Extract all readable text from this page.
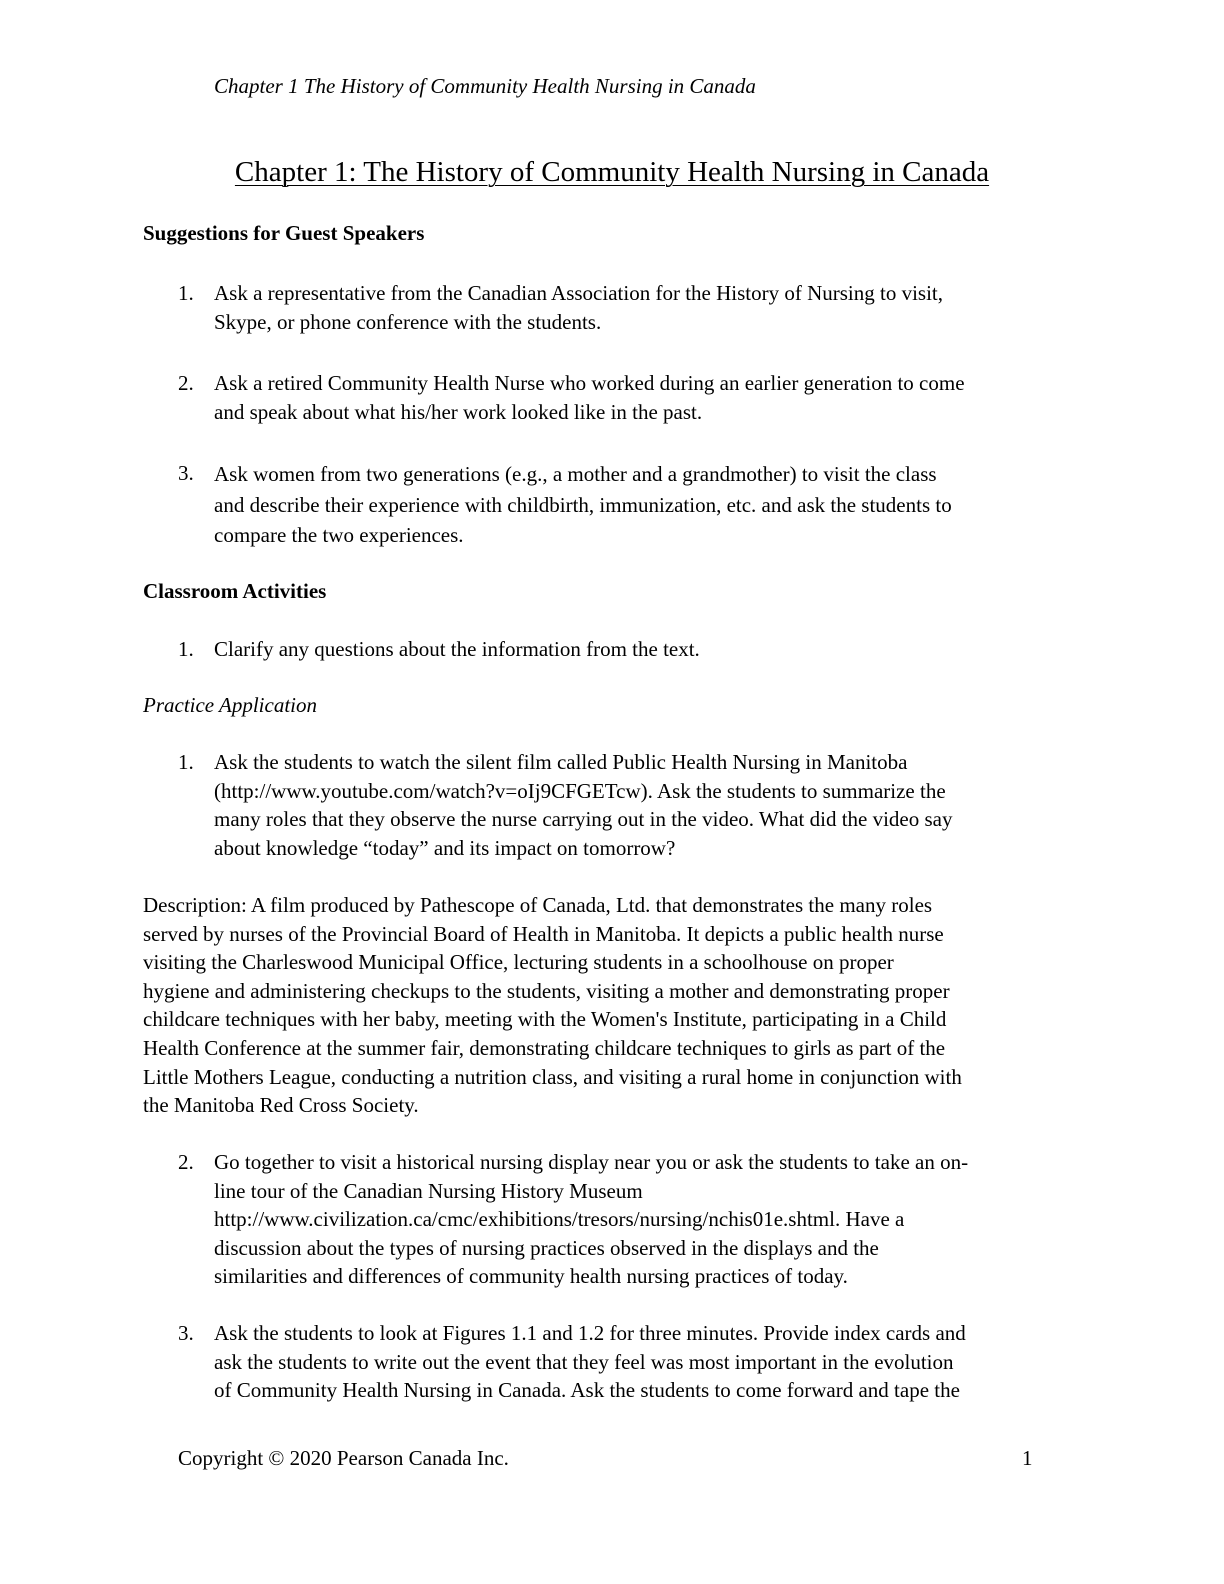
Chapter 1 The History of Community Health Nursing in Canada
Chapter 1: The History of Community Health Nursing in Canada
Suggestions for Guest Speakers
1. Ask a representative from the Canadian Association for the History of Nursing to visit,
Skype, or phone conference with the students.
2. Ask a retired Community Health Nurse who worked during an earlier generation to come
and speak about what his/her work looked like in the past.
3. Ask women from two generations (e.g., a mother and a grandmother) to visit the class
and describe their experience with childbirth, immunization, etc. and ask the students to
compare the two experiences.
Classroom Activities
1. Clarify any questions about the information from the text.
Practice Application
1. Ask the students to watch the silent film called Public Health Nursing in Manitoba
(http://www.youtube.com/watch?v=oIj9CFGETcw). Ask the students to summarize the
many roles that they observe the nurse carrying out in the video. What did the video say
about knowledge “today” and its impact on tomorrow?
Description: A film produced by Pathescope of Canada, Ltd. that demonstrates the many roles
served by nurses of the Provincial Board of Health in Manitoba. It depicts a public health nurse
visiting the Charleswood Municipal Office, lecturing students in a schoolhouse on proper
hygiene and administering checkups to the students, visiting a mother and demonstrating proper
childcare techniques with her baby, meeting with the Women's Institute, participating in a Child
Health Conference at the summer fair, demonstrating childcare techniques to girls as part of the
Little Mothers League, conducting a nutrition class, and visiting a rural home in conjunction with
the Manitoba Red Cross Society.
2. Go together to visit a historical nursing display near you or ask the students to take an on-
line tour of the Canadian Nursing History Museum
http://www.civilization.ca/cmc/exhibitions/tresors/nursing/nchis01e.shtml. Have a
discussion about the types of nursing practices observed in the displays and the
similarities and differences of community health nursing practices of today.
3. Ask the students to look at Figures 1.1 and 1.2 for three minutes. Provide index cards and
ask the students to write out the event that they feel was most important in the evolution
of Community Health Nursing in Canada. Ask the students to come forward and tape the
Copyright © 2020 Pearson Canada Inc.	1
